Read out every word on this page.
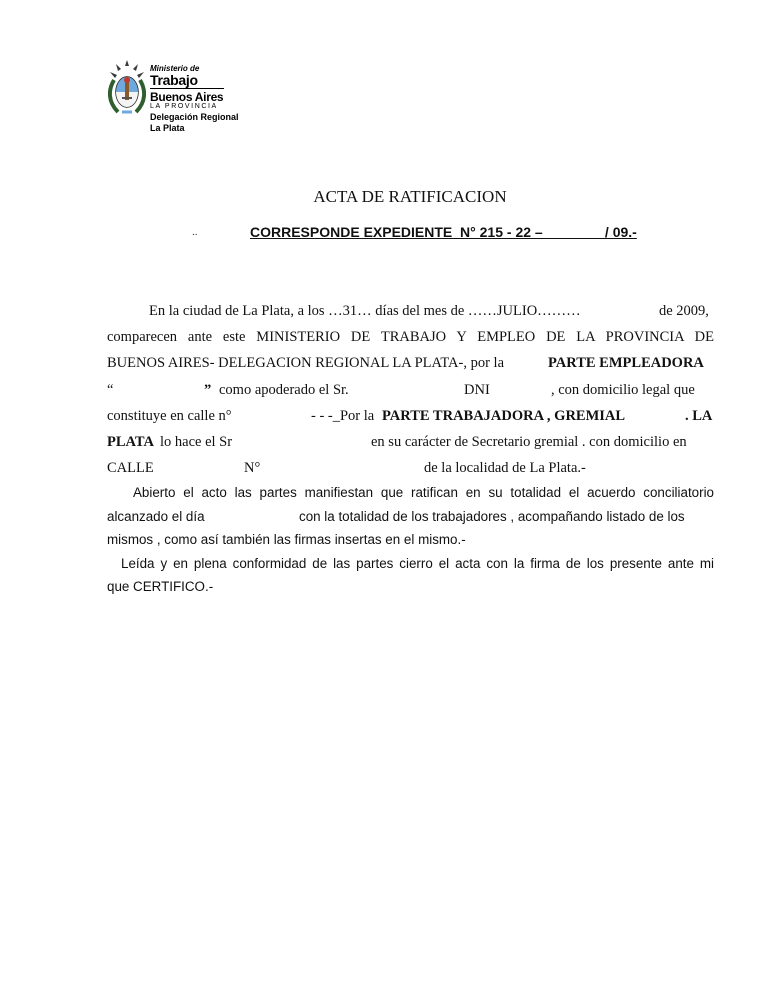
Ministerio de
Trabajo
Buenos Aires
LA PROVINCIA
Delegación Regional
La Plata
ACTA DE RATIFICACION
..	CORRESPONDE EXPEDIENTE  N° 215 - 22 –                / 09.-
En la ciudad de La Plata, a los …31… días del mes de ……JULIO………	de 2009,
comparecen ante este MINISTERIO DE TRABAJO Y EMPLEO DE LA PROVINCIA DE
BUENOS AIRES- DELEGACION REGIONAL LA PLATA-, por la	PARTE EMPLEADORA
“	” como apoderado el Sr.	DNI	, con domicilio legal que
constituye en calle n°	- - -_Por la PARTE TRABAJADORA , GREMIAL	. LA
PLATA lo hace el Sr	en su carácter de Secretario gremial . con domicilio en
CALLE	N°	de la localidad de La Plata.-
Abierto el acto las partes manifiestan que ratifican en su totalidad el acuerdo conciliatorio
alcanzado el día	con la totalidad de los trabajadores , acompañando listado de los
mismos , como así también las firmas insertas en el mismo.-
Leída y en plena conformidad de las partes cierro el acta con la firma de los presente ante mi
que CERTIFICO.-
